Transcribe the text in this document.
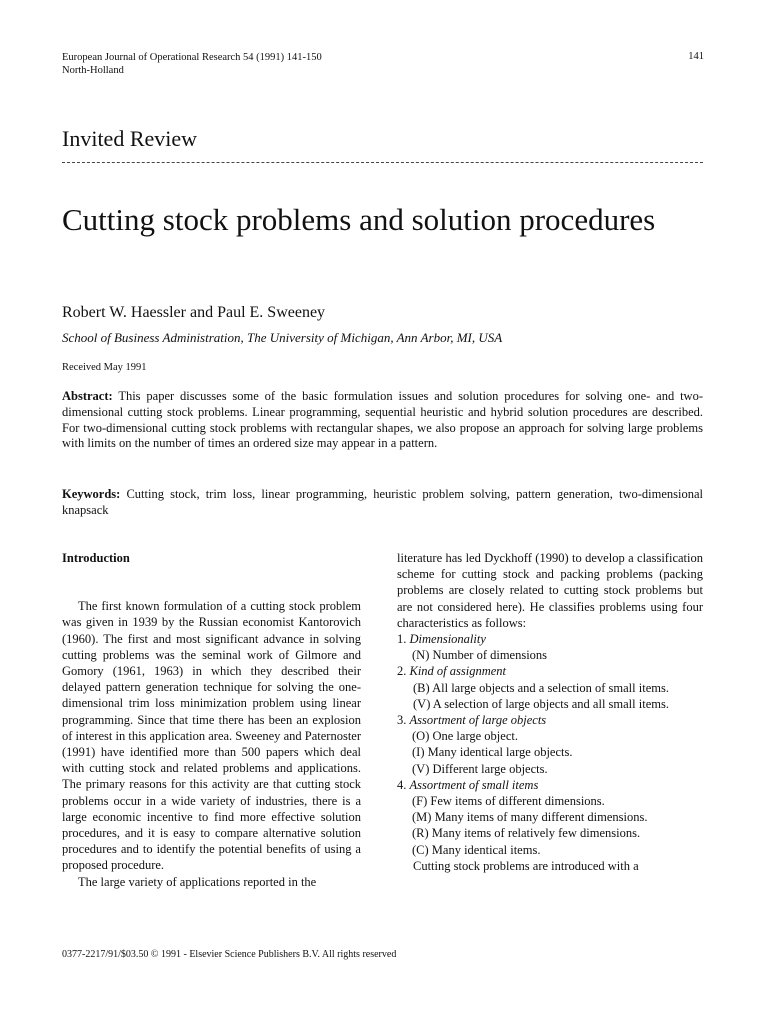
European Journal of Operational Research 54 (1991) 141-150
North-Holland
141
Invited Review
Cutting stock problems and solution procedures
Robert W. Haessler and Paul E. Sweeney
School of Business Administration, The University of Michigan, Ann Arbor, MI, USA
Received May 1991
Abstract: This paper discusses some of the basic formulation issues and solution procedures for solving one- and two- dimensional cutting stock problems. Linear programming, sequential heuristic and hybrid solution procedures are described. For two-dimensional cutting stock problems with rectangular shapes, we also propose an approach for solving large problems with limits on the number of times an ordered size may appear in a pattern.
Keywords: Cutting stock, trim loss, linear programming, heuristic problem solving, pattern generation, two-dimensional knapsack
Introduction

The first known formulation of a cutting stock problem was given in 1939 by the Russian economist Kantorovich (1960). The first and most significant advance in solving cutting problems was the seminal work of Gilmore and Gomory (1961, 1963) in which they described their delayed pattern generation technique for solving the one-dimensional trim loss minimization problem using linear programming. Since that time there has been an explosion of interest in this application area. Sweeney and Paternoster (1991) have identified more than 500 papers which deal with cutting stock and related problems and applications. The primary reasons for this activity are that cutting stock problems occur in a wide variety of industries, there is a large economic incentive to find more effective solution procedures, and it is easy to compare alternative solution procedures and to identify the potential benefits of using a proposed procedure.

The large variety of applications reported in the

literature has led Dyckhoff (1990) to develop a classification scheme for cutting stock and packing problems (packing problems are closely related to cutting stock problems but are not considered here). He classifies problems using four characteristics as follows:

1. Dimensionality

(N) Number of dimensions

2. Kind of assignment

(B) All large objects and a selection of small items.

(V) A selection of large objects and all small items.

3. Assortment of large objects

(O) One large object.

(I) Many identical large objects.

(V) Different large objects.

4. Assortment of small items

(F) Few items of different dimensions.

(M) Many items of many different dimensions.

(R) Many items of relatively few dimensions.

(C) Many identical items.

Cutting stock problems are introduced with a

0377-2217/91/$03.50 © 1991 - Elsevier Science Publishers B.V. All rights reserved
